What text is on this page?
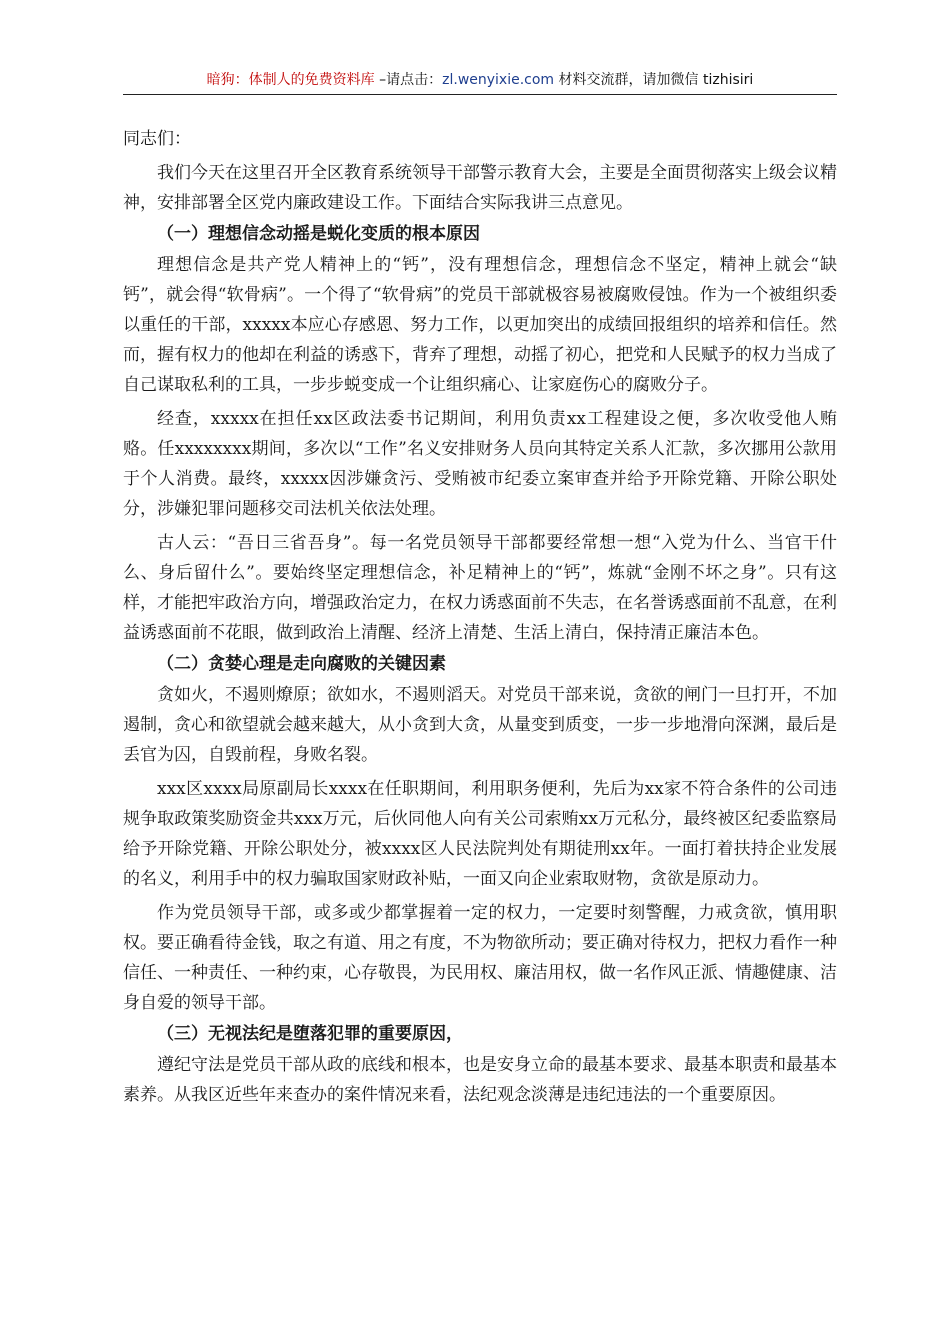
暗狗：体制人的免费资料库 –请点击：zl.wenyixie.com 材料交流群，请加微信 tizhisiri

同志们：

我们今天在这里召开全区教育系统领导干部警示教育大会，主要是全面贯彻落实上级会议精神，安排部署全区党内廉政建设工作。下面结合实际我讲三点意见。

（一）理想信念动摇是蜕化变质的根本原因

理想信念是共产党人精神上的“钙”，没有理想信念，理想信念不坚定，精神上就会“缺钙”，就会得“软骨病”。一个得了“软骨病”的党员干部就极容易被腐败侵蚀。作为一个被组织委以重任的干部，xxxxx本应心存感恩、努力工作，以更加突出的成绩回报组织的培养和信任。然而，握有权力的他却在利益的诱惑下，背弃了理想，动摇了初心，把党和人民赋予的权力当成了自己谋取私利的工具，一步步蜕变成一个让组织痛心、让家庭伤心的腐败分子。

经查，xxxxx在担任xx区政法委书记期间，利用负责xx工程建设之便，多次收受他人贿赂。任xxxxxxxx期间，多次以“工作”名义安排财务人员向其特定关系人汇款，多次挪用公款用于个人消费。最终，xxxxx因涉嫌贪污、受贿被市纪委立案审查并给予开除党籍、开除公职处分，涉嫌犯罪问题移交司法机关依法处理。

古人云：“吾日三省吾身”。每一名党员领导干部都要经常想一想“入党为什么、当官干什么、身后留什么”。要始终坚定理想信念，补足精神上的“钙”，炼就“金刚不坏之身”。只有这样，才能把牢政治方向，增强政治定力，在权力诱惑面前不失志，在名誉诱惑面前不乱意，在利益诱惑面前不花眼，做到政治上清醒、经济上清楚、生活上清白，保持清正廉洁本色。

（二）贪婪心理是走向腐败的关键因素

贪如火，不遏则燎原；欲如水，不遏则滔天。对党员干部来说，贪欲的闸门一旦打开，不加遏制，贪心和欲望就会越来越大，从小贪到大贪，从量变到质变，一步一步地滑向深渊，最后是丢官为囚，自毁前程，身败名裂。

xxx区xxxx局原副局长xxxx在任职期间，利用职务便利，先后为xx家不符合条件的公司违规争取政策奖励资金共xxx万元，后伙同他人向有关公司索贿xx万元私分，最终被区纪委监察局给予开除党籍、开除公职处分，被xxxx区人民法院判处有期徒刑xx年。一面打着扶持企业发展的名义，利用手中的权力骗取国家财政补贴，一面又向企业索取财物，贪欲是原动力。

作为党员领导干部，或多或少都掌握着一定的权力，一定要时刻警醒，力戒贪欲，慎用职权。要正确看待金钱，取之有道、用之有度，不为物欲所动；要正确对待权力，把权力看作一种信任、一种责任、一种约束，心存敬畏，为民用权、廉洁用权，做一名作风正派、情趣健康、洁身自爱的领导干部。

（三）无视法纪是堕落犯罪的重要原因，

遵纪守法是党员干部从政的底线和根本，也是安身立命的最基本要求、最基本职责和最基本素养。从我区近些年来查办的案件情况来看，法纪观念淡薄是违纪违法的一个重要原因。
